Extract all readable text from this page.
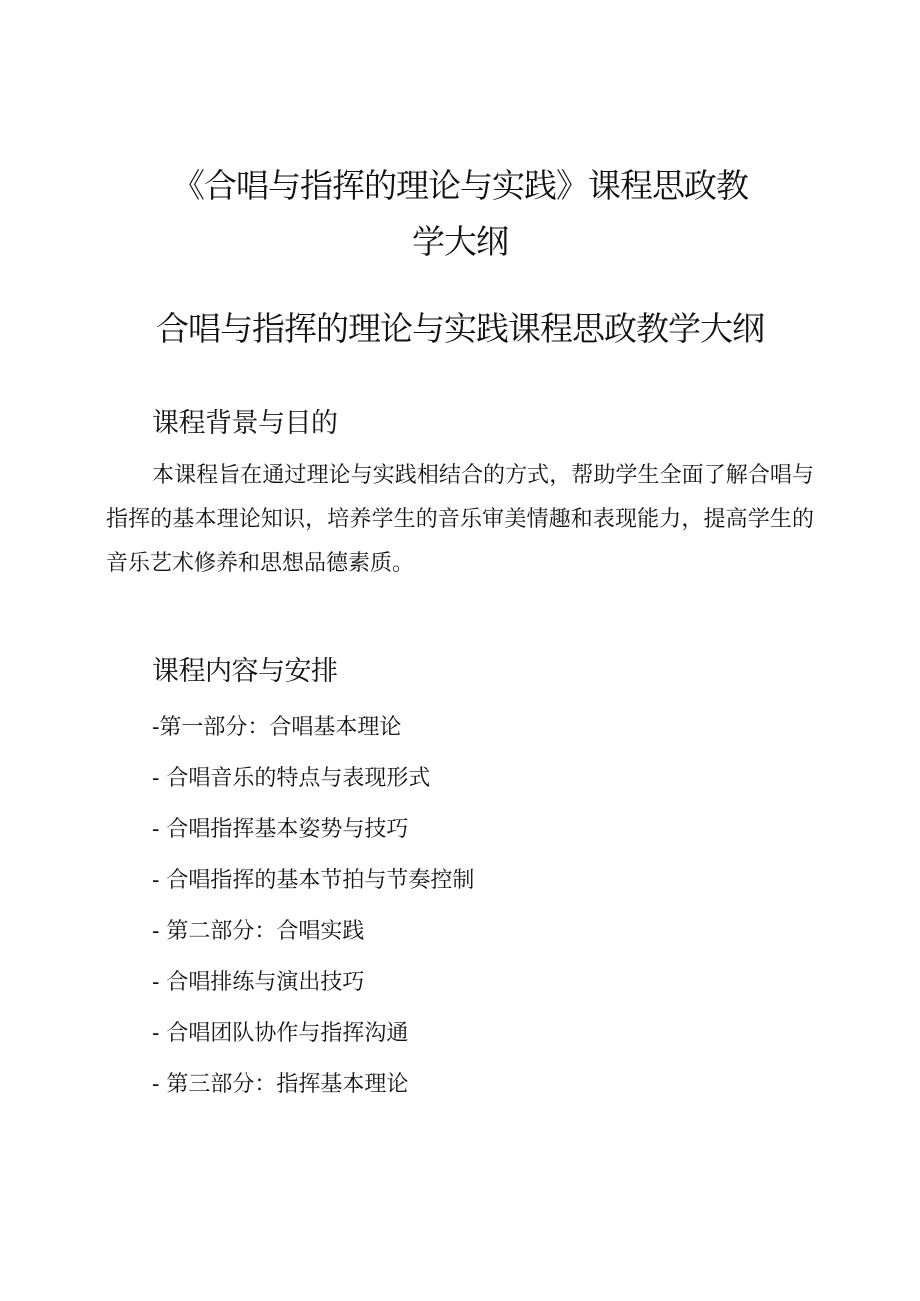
《合唱与指挥的理论与实践》课程思政教
学大纲
合唱与指挥的理论与实践课程思政教学大纲
课程背景与目的

本课程旨在通过理论与实践相结合的方式，帮助学生全面了解合唱与指挥的基本理论知识，培养学生的音乐审美情趣和表现能力，提高学生的音乐艺术修养和思想品德素质。

课程内容与安排
-第一部分：合唱基本理论
- 合唱音乐的特点与表现形式
- 合唱指挥基本姿势与技巧
- 合唱指挥的基本节拍与节奏控制
- 第二部分：合唱实践
- 合唱排练与演出技巧
- 合唱团队协作与指挥沟通
- 第三部分：指挥基本理论
